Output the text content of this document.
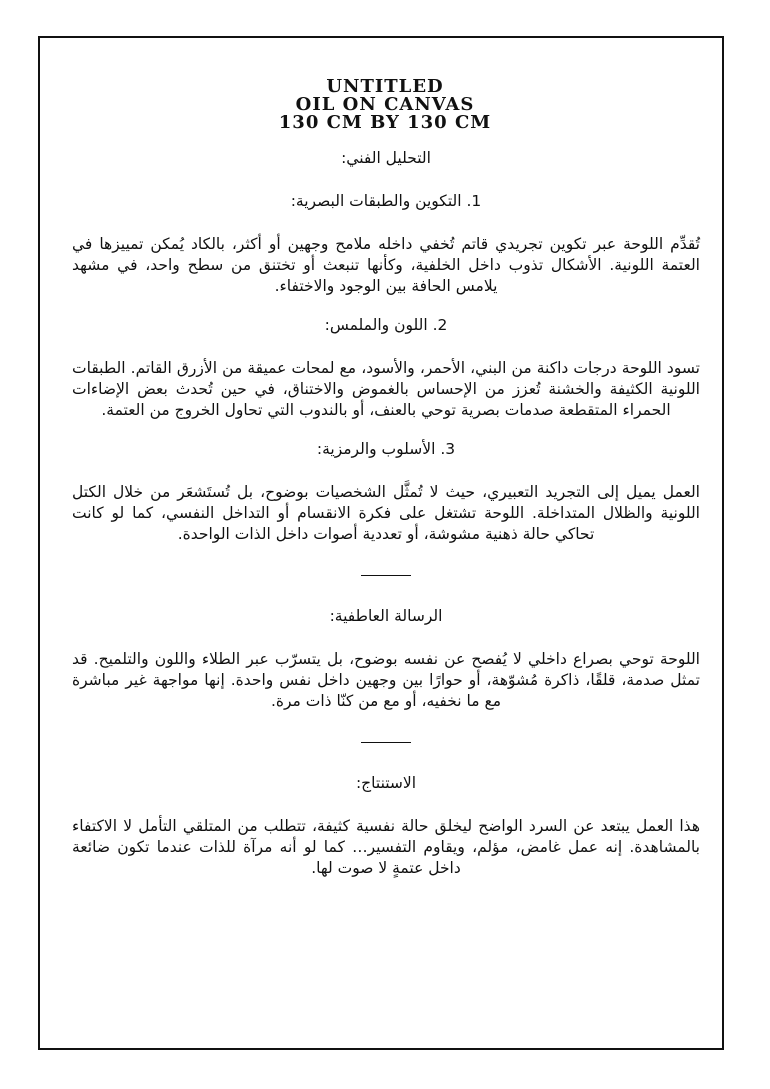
UNTITLED
OIL ON CANVAS
130 CM BY 130 CM
التحليل الفني:
1. التكوين والطبقات البصرية:

تُقدِّم اللوحة عبر تكوين تجريدي قاتم تُخفي داخله ملامح وجهين أو أكثر، بالكاد يُمكن تمييزها في العتمة اللونية. الأشكال تذوب داخل الخلفية، وكأنها تنبعث أو تختنق من سطح واحد، في مشهد يلامس الحافة بين الوجود والاختفاء.

2. اللون والملمس:

تسود اللوحة درجات داكنة من البني، الأحمر، والأسود، مع لمحات عميقة من الأزرق القاتم. الطبقات اللونية الكثيفة والخشنة تُعزز من الإحساس بالغموض والاختناق، في حين تُحدث بعض الإضاءات الحمراء المتقطعة صدمات بصرية توحي بالعنف، أو بالندوب التي تحاول الخروج من العتمة.

3. الأسلوب والرمزية:

العمل يميل إلى التجريد التعبيري، حيث لا تُمثَّل الشخصيات بوضوح، بل تُستَشعَر من خلال الكتل اللونية والظلال المتداخلة. اللوحة تشتغل على فكرة الانقسام أو التداخل النفسي، كما لو كانت تحاكي حالة ذهنية مشوشة، أو تعددية أصوات داخل الذات الواحدة.

الرسالة العاطفية:

اللوحة توحي بصراع داخلي لا يُفصح عن نفسه بوضوح، بل يتسرّب عبر الطلاء واللون والتلميح. قد تمثل صدمة، قلقًا، ذاكرة مُشوّهة، أو حوارًا بين وجهين داخل نفس واحدة. إنها مواجهة غير مباشرة مع ما نخفيه، أو مع من كنّا ذات مرة.

الاستنتاج:

هذا العمل يبتعد عن السرد الواضح ليخلق حالة نفسية كثيفة، تتطلب من المتلقي التأمل لا الاكتفاء بالمشاهدة. إنه عمل غامض، مؤلم، ويقاوم التفسير… كما لو أنه مرآة للذات عندما تكون ضائعة داخل عتمةٍ لا صوت لها.
